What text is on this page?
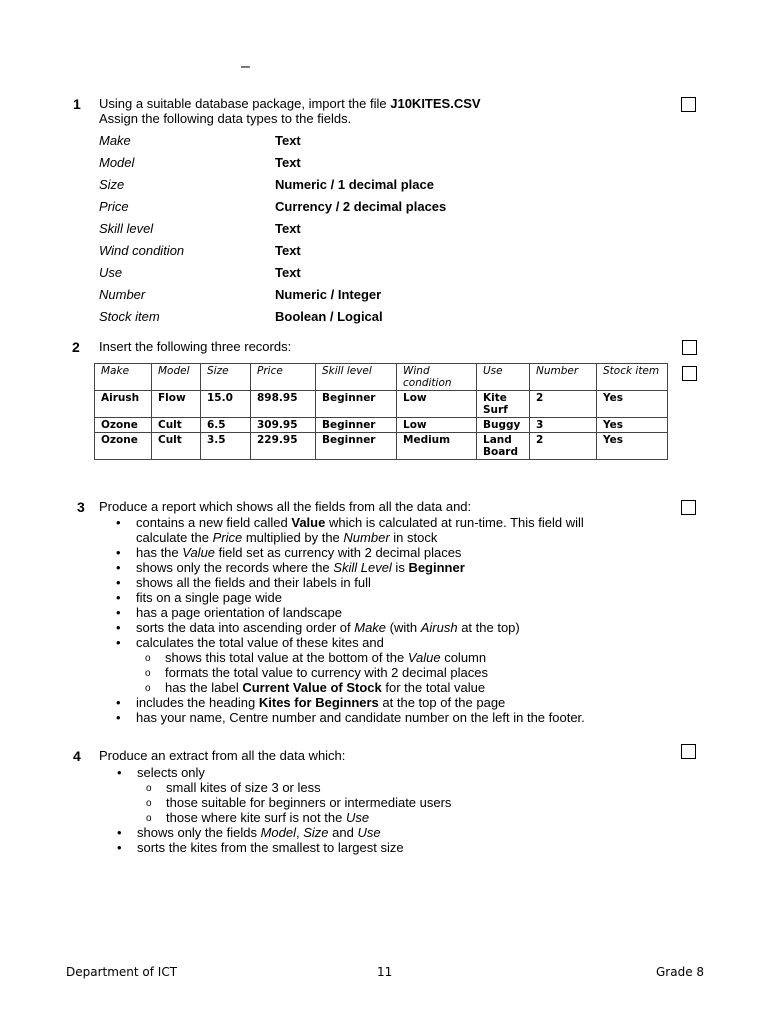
–
1 Using a suitable database package, import the file J10KITES.CSV
Assign the following data types to the fields.
Make	Text
Model	Text
Size	Numeric / 1 decimal place
Price	Currency / 2 decimal places
Skill level	Text
Wind condition	Text
Use	Text
Number	Numeric / Integer
Stock item	Boolean / Logical
2 Insert the following three records:
Make	Model	Size	Price	Skill level	Wind condition	Use	Number	Stock item
Airush	Flow	15.0	898.95	Beginner	Low	Kite Surf	2	Yes
Ozone	Cult	6.5	309.95	Beginner	Low	Buggy	3	Yes
Ozone	Cult	3.5	229.95	Beginner	Medium	Land Board	2	Yes
3 Produce a report which shows all the fields from all the data and:
• contains a new field called Value which is calculated at run-time. This field will
calculate the Price multiplied by the Number in stock
• has the Value field set as currency with 2 decimal places
• shows only the records where the Skill Level is Beginner
• shows all the fields and their labels in full
• fits on a single page wide
• has a page orientation of landscape
• sorts the data into ascending order of Make (with Airush at the top)
• calculates the total value of these kites and
o shows this total value at the bottom of the Value column
o formats the total value to currency with 2 decimal places
o has the label Current Value of Stock for the total value
• includes the heading Kites for Beginners at the top of the page
• has your name, Centre number and candidate number on the left in the footer.
4 Produce an extract from all the data which:
• selects only
o small kites of size 3 or less
o those suitable for beginners or intermediate users
o those where kite surf is not the Use
• shows only the fields Model, Size and Use
• sorts the kites from the smallest to largest size
Department of ICT	11	Grade 8
